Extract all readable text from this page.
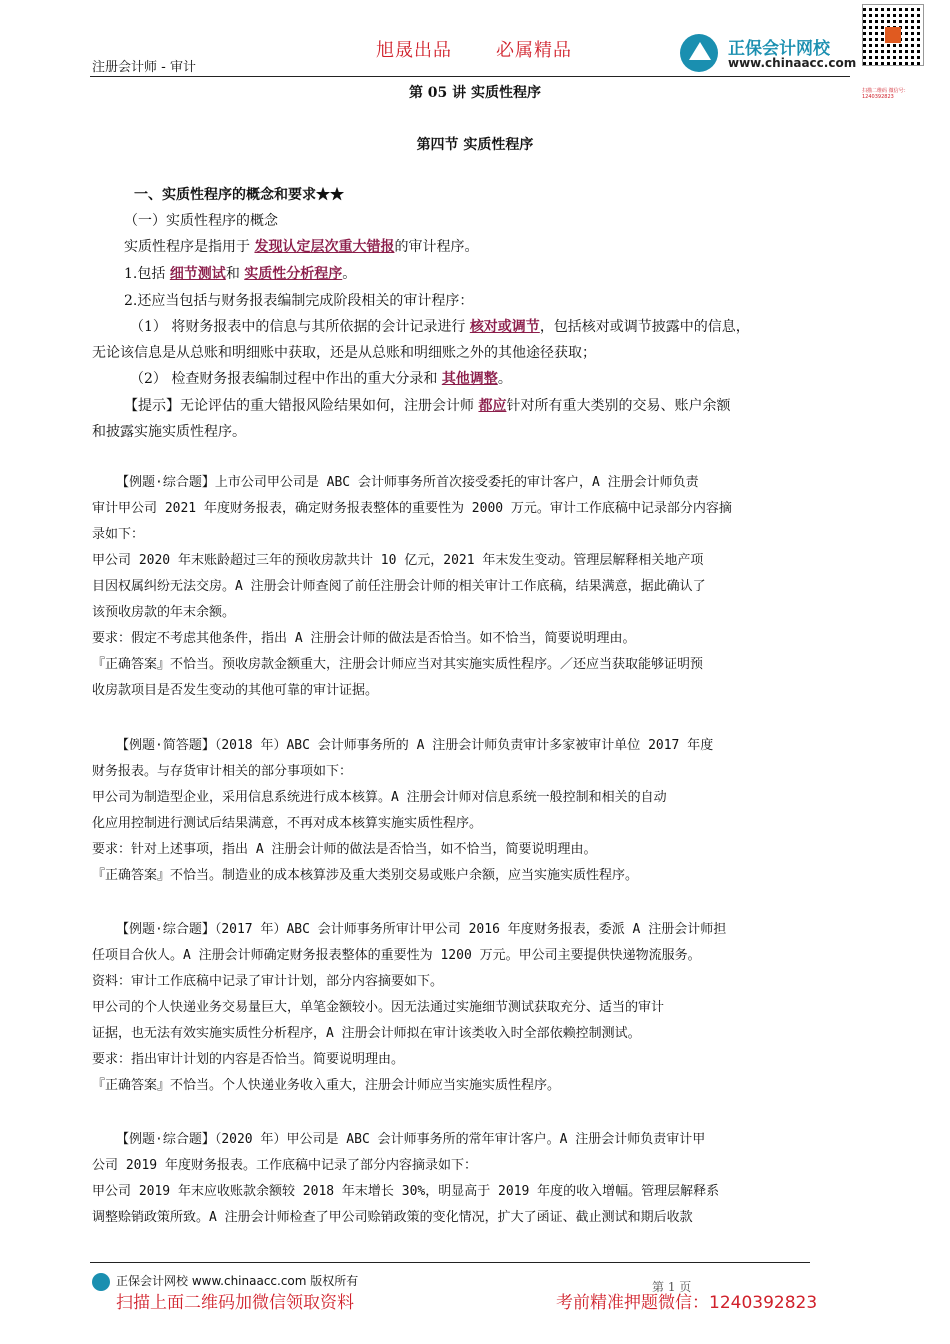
旭晟出品 必属精品
注册会计师 - 审计
正保会计网校
www.chinaacc.com
扫描二维码 微信号：1240392823
第 05 讲 实质性程序
第四节 实质性程序
一、实质性程序的概念和要求★★
（一）实质性程序的概念
实质性程序是指用于 发现认定层次重大错报的审计程序。
1.包括 细节测试和 实质性分析程序。
2.还应当包括与财务报表编制完成阶段相关的审计程序：
（1） 将财务报表中的信息与其所依据的会计记录进行 核对或调节，包括核对或调节披露中的信息，
无论该信息是从总账和明细账中获取，还是从总账和明细账之外的其他途径获取；
（2） 检查财务报表编制过程中作出的重大分录和 其他调整。
【提示】无论评估的重大错报风险结果如何，注册会计师 都应针对所有重大类别的交易、账户余额
和披露实施实质性程序。
【例题·综合题】上市公司甲公司是 ABC 会计师事务所首次接受委托的审计客户，A 注册会计师负责
审计甲公司 2021 年度财务报表，确定财务报表整体的重要性为 2000 万元。审计工作底稿中记录部分内容摘
录如下：
甲公司 2020 年末账龄超过三年的预收房款共计 10 亿元，2021 年末发生变动。管理层解释相关地产项
目因权属纠纷无法交房。A 注册会计师查阅了前任注册会计师的相关审计工作底稿，结果满意，据此确认了
该预收房款的年末余额。
要求：假定不考虑其他条件，指出 A 注册会计师的做法是否恰当。如不恰当，简要说明理由。
『正确答案』不恰当。预收房款金额重大，注册会计师应当对其实施实质性程序。／还应当获取能够证明预
收房款项目是否发生变动的其他可靠的审计证据。
【例题·简答题】（2018 年）ABC 会计师事务所的 A 注册会计师负责审计多家被审计单位 2017 年度
财务报表。与存货审计相关的部分事项如下：
甲公司为制造型企业，采用信息系统进行成本核算。A 注册会计师对信息系统一般控制和相关的自动
化应用控制进行测试后结果满意，不再对成本核算实施实质性程序。
要求：针对上述事项，指出 A 注册会计师的做法是否恰当，如不恰当，简要说明理由。
『正确答案』不恰当。制造业的成本核算涉及重大类别交易或账户余额，应当实施实质性程序。
【例题·综合题】（2017 年）ABC 会计师事务所审计甲公司 2016 年度财务报表，委派 A 注册会计师担
任项目合伙人。A 注册会计师确定财务报表整体的重要性为 1200 万元。甲公司主要提供快递物流服务。
资料：审计工作底稿中记录了审计计划，部分内容摘要如下。
甲公司的个人快递业务交易量巨大，单笔金额较小。因无法通过实施细节测试获取充分、适当的审计
证据，也无法有效实施实质性分析程序，A 注册会计师拟在审计该类收入时全部依赖控制测试。
要求：指出审计计划的内容是否恰当。简要说明理由。
『正确答案』不恰当。个人快递业务收入重大，注册会计师应当实施实质性程序。
【例题·综合题】（2020 年）甲公司是 ABC 会计师事务所的常年审计客户。A 注册会计师负责审计甲
公司 2019 年度财务报表。工作底稿中记录了部分内容摘录如下：
甲公司 2019 年末应收账款余额较 2018 年末增长 30%，明显高于 2019 年度的收入增幅。管理层解释系
调整赊销政策所致。A 注册会计师检查了甲公司赊销政策的变化情况，扩大了函证、截止测试和期后收款
正保会计网校 www.chinaacc.com 版权所有	第 1 页
扫描上面二维码加微信领取资料	考前精准押题微信：1240392823
